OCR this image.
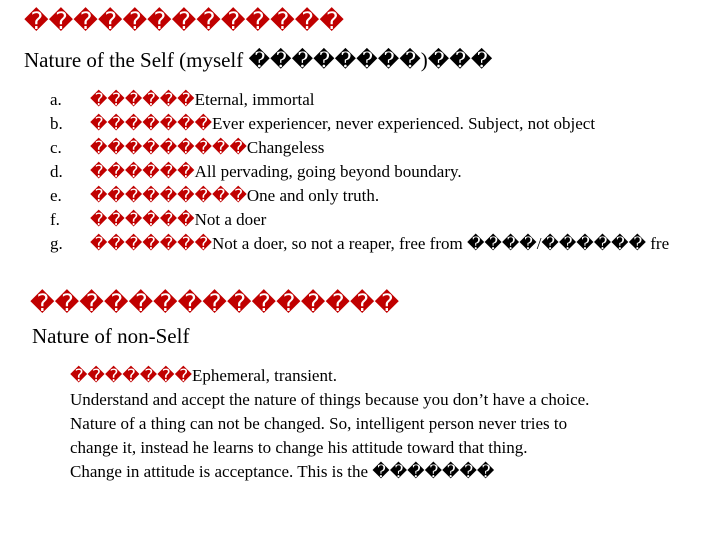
�������������
Nature of the Self (myself ��������)���
a. ������Eternal, immortal
b. �������Ever experiencer, never experienced. Subject, not object
c. ���������Changeless
d. ������All pervading, going beyond boundary.
e. ���������One and only truth.
f. ������Not a doer
g. �������Not a doer, so not a reaper, free from ����/������ fre
���������������
Nature of non-Self
�������Ephemeral, transient.
Understand and accept the nature of things because you don’t have a choice.
Nature of a thing can not be changed. So, intelligent person never tries to
change it, instead he learns to change his attitude toward that thing.
Change in attitude is acceptance. This is the �������
